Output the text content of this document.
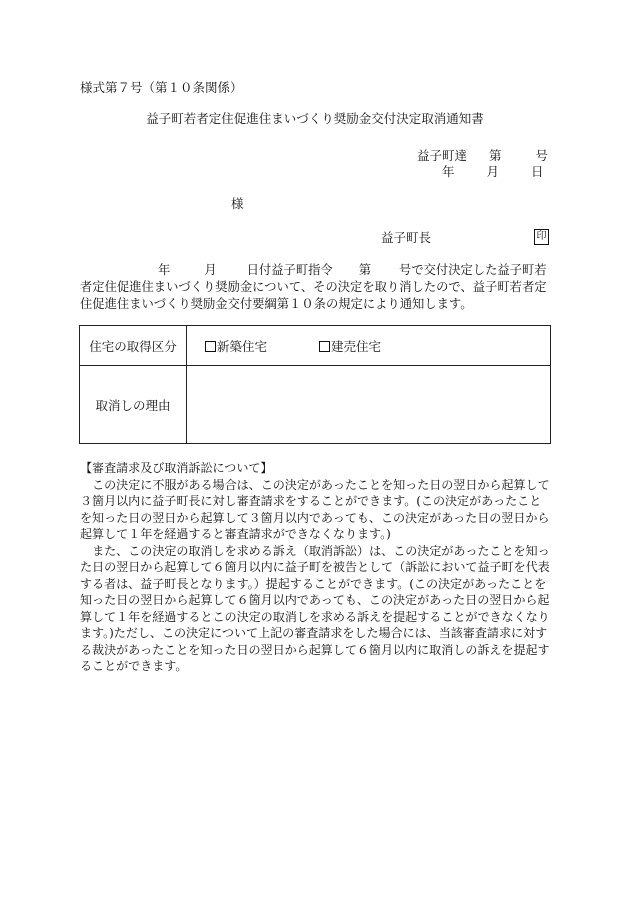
様式第７号（第１０条関係）
益子町若者定住促進住まいづくり奨励金交付決定取消通知書
益子町達 第	号
年	月	日
様
益子町長	印
年	月 日付益子町指令 第 号で交付決定した益子町若者定住促進住まいづくり奨励金について、その決定を取り消したので、益子町若者定住促進住まいづくり奨励金交付要綱第１０条の規定により通知します。
住宅の取得区分	新築住宅 建売住宅
取消しの理由	

【審査請求及び取消訴訟について】

この決定に不服がある場合は、この決定があったことを知った日の翌日から起算して３箇月以内に益子町長に対し審査請求をすることができます。(この決定があったことを知った日の翌日から起算して３箇月以内であっても、この決定があった日の翌日から起算して１年を経過すると審査請求ができなくなります。)

また、この決定の取消しを求める訴え（取消訴訟）は、この決定があったことを知った日の翌日から起算して６箇月以内に益子町を被告として（訴訟において益子町を代表する者は、益子町長となります。）提起することができます。(この決定があったことを知った日の翌日から起算して６箇月以内であっても、この決定があった日の翌日から起算して１年を経過するとこの決定の取消しを求める訴えを提起することができなくなります。)ただし、この決定について上記の審査請求をした場合には、当該審査請求に対する裁決があったことを知った日の翌日から起算して６箇月以内に取消しの訴えを提起することができます。
